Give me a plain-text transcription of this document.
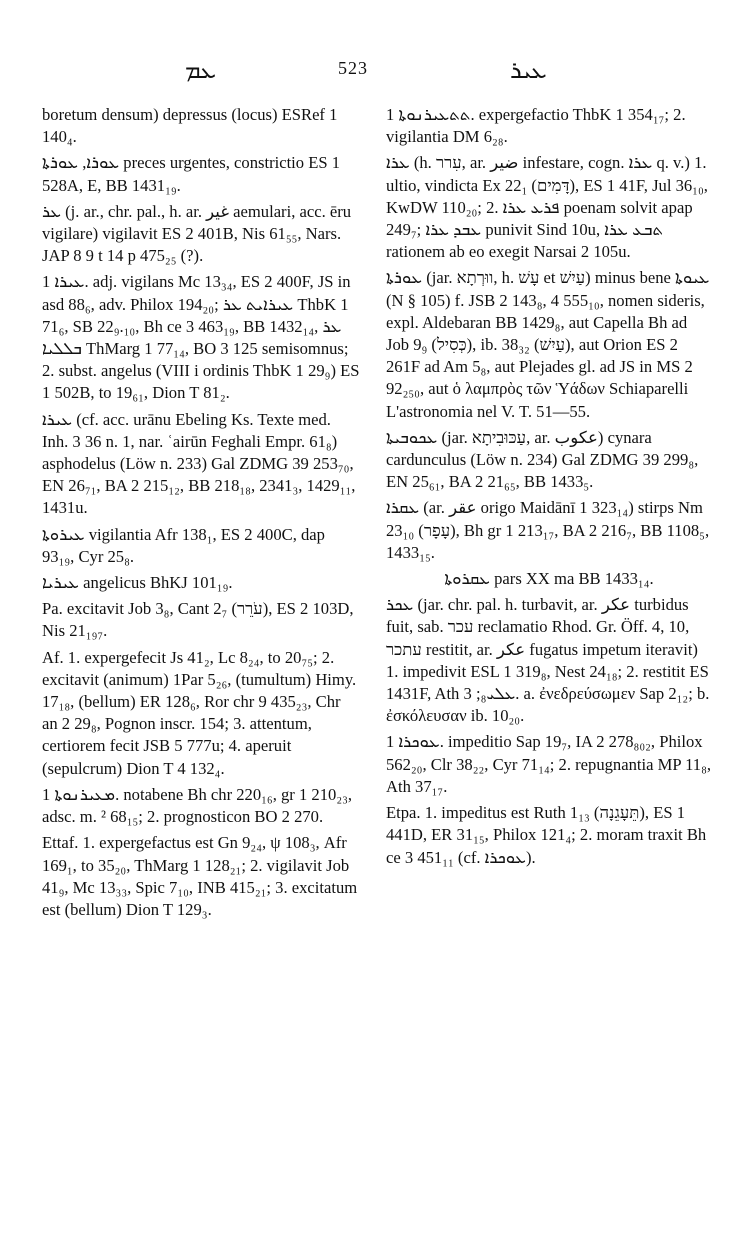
ܥܡ	523	ܥܝܪ

boretum densum) depressus (locus) ESRef 1 140₄.

ܥܘܪܐ, ܥܘܪܬܐ preces urgentes, constrictio ES 1 528A, E, BB 1431₁₉.

ܥܪ (j. ar., chr. pal., h. ar. غير aemulari, acc. ēru vigilare) vigilavit ES 2 401B, Nis 61₅₅, Nars. JAP 8 9 t 14 p 475₂₅ (?).

ܥܝܪܐ 1. adj. vigilans Mc 13₃₄, ES 2 400F, JS in asd 88₆, adv. Philox 194₂₀; ܥܝܪܐܝܬ ܥܪ ThbK 1 71₆, SB 22₉.₁₀, Bh ce 3 463₁₉, BB 1432₁₄, ܥܪ ܒܠܠܝܐ ThMarg 1 77₁₄, BO 3 125 semisomnus; 2. subst. angelus (VIII i ordinis ThbK 1 29₉) ES 1 502B, to 19₆₁, Dion T 81₂.

ܥܝܪܐ (cf. acc. urānu Ebeling Ks. Texte med. Inh. 3 36 n. 1, nar. ʿairūn Feghali Empr. 61₈) asphodelus (Löw n. 233) Gal ZDMG 39 253₇₀, EN 26₇₁, BA 2 215₁₂, BB 218₁₈, 2341₃, 1429₁₁, 1431u.

ܥܝܪܘܬܐ vigilantia Afr 138₁, ES 2 400C, dap 93₁₉, Cyr 25₈.

ܥܝܪܝܐ angelicus BhKJ 101₁₉.

Pa. excitavit Job 3₈, Cant 2₇ (עֹרֵר), ES 2 103D, Nis 21₁₉₇.

Af. 1. expergefecit Js 41₂, Lc 8₂₄, to 20₇₅; 2. excitavit (animum) 1Par 5₂₆, (tumultum) Himy. 17₁₈, (bellum) ER 128₆, Ror chr 9 435₂₃, Chr an 2 29₈, Pognon inscr. 154; 3. attentum, certiorem fecit JSB 5 777u; 4. aperuit (sepulcrum) Dion T 4 132₄.

ܡܥܝܪܢܘܬܐ 1. notabene Bh chr 220₁₆, gr 1 210₂₃, adsc. m. ² 68₁₅; 2. prognosticon BO 2 270.

Ettaf. 1. expergefactus est Gn 9₂₄, ψ 108₃, Afr 169₁, to 35₂₀, ThMarg 1 128₂₁; 2. vigilavit Job 41₉, Mc 13₃₃, Spic 7₁₀, INB 415₂₁; 3. excitatum est (bellum) Dion T 129₃.

ܬܬܥܝܪܢܘܬܐ 1. expergefactio ThbK 1 354₁₇; 2. vigilantia DM 6₂₈.

ܥܪܐ (h. עִרר, ar. ضير infestare, cogn. ܥܪܐ q. v.) 1. ultio, vindicta Ex 22₁ (דָּמִים), ES 1 41F, Jul 36₁₀, KwDW 110₂₀; 2. ܦܪܥ ܥܪܐ poenam solvit apap 249₇; ܥܒܕ ܥܪܐ punivit Sind 10u, ܬܒܥ ܥܪܐ rationem ab eo exegit Narsai 2 105u.

ܥܘܪܬܐ (jar. ווּרְתָא, h. עָשׁ et עַיִשׁ) minus bene ܥܝܘܬܐ (N § 105) f. JSB 2 143₈, 4 555₁₀, nomen sideris, expl. Aldebaran BB 1429₈, aut Capella Bh ad Job 9₉ (כְּסִיל), ib. 38₃₂ (עַיִשׁ), aut Orion ES 2 261F ad Am 5₈, aut Plejades gl. ad JS in MS 2 92₂₅₀, aut ὁ λαμπρὸς τῶν Ὑάδων Schiaparelli L'astronomia nel V. T. 51—55.

ܥܟܘܒܝܬܐ (jar. עַכּוּבִיתָא, ar. عكوب) cynara cardunculus (Löw n. 234) Gal ZDMG 39 299₈, EN 25₆₁, BA 2 21₆₅, BB 1433₅.

ܥܩܪܐ (ar. عقر origo Maidānī 1 323₁₄) stirps Nm 23₁₀ (עָפָר), Bh gr 1 213₁₇, BA 2 216₇, BB 1108₅, 1433₁₅.

ܥܩܪܘܬܐ pars XX ma BB 1433₁₄.

ܥܟܪ (jar. chr. pal. h. turbavit, ar. عكر turbidus fuit, sab. עכר reclamatio Rhod. Gr. Öff. 4, 10, עתכר restitit, ar. عكر fugatus impetum iteravit) 1. impedivit ESL 1 319₈, Nest 24₁₈; 2. restitit ES 1431F, Ath ܥܠܝ₈; 3. a. ἐνεδρεύσωμεν Sap 2₁₂; b. ἐσκόλευσαν ib. 10₂₀.

ܥܘܟܪܐ 1. impeditio Sap 19₇, IA 2 278₈₀₂, Philox 562₂₀, Clr 38₂₂, Cyr 71₁₄; 2. repugnantia MP 11₈, Ath 37₁₇.

Etpa. 1. impeditus est Ruth 1₁₃ (תֵּעָגֵנָה), ES 1 441D, ER 31₁₅, Philox 121₄; 2. moram traxit Bh ce 3 451₁₁ (cf. ܥܘܟܪܐ).
